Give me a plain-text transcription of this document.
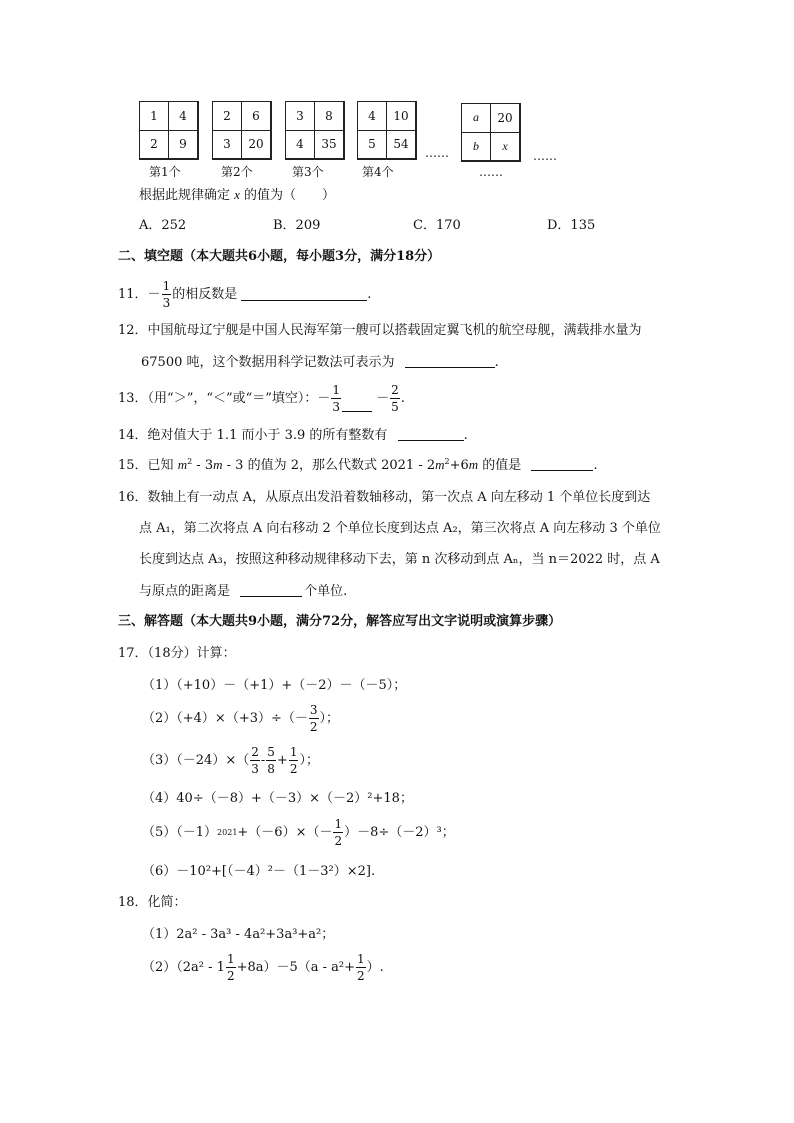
1	4
2	9
第1个
2	6
3	20
第2个
3	8
4	35
第3个
4	10
5	54
第4个
……
a	20
b x
……
……
根据此规律确定 x 的值为（　　）
A．252	B．209	C．170	D．135
二、填空题（本大题共6小题，每小题3分，满分18分）
11． － $\frac{1}{3}$ 的相反数是	.
12．中国航母辽宁舰是中国人民海军第一艘可以搭载固定翼飞机的航空母舰，满载排水量为
67500 吨，这个数据用科学记数法可表示为	.
13．（用“＞”，“＜”或“＝”填空）：－ $\frac{1}{3}$	－ $\frac{2}{5}$ .
14．绝对值大于 1.1 而小于 3.9 的所有整数有	.
15．已知 $m^2 - 3m - 3$ 的值为 2，那么代数式 $2021 - 2m^2+6m$ 的值是	.
16．数轴上有一动点 A，从原点出发沿着数轴移动，第一次点 A 向左移动 1 个单位长度到达
点 A₁，第二次将点 A 向右移动 2 个单位长度到达点 A₂，第三次将点 A 向左移动 3 个单位
长度到达点 A₃，按照这种移动规律移动下去，第 n 次移动到点 Aₙ，当 n＝2022 时，点 A
与原点的距离是	个单位.
三、解答题（本大题共9小题，满分72分，解答应写出文字说明或演算步骤）
17．（18分）计算：
（1）（+10）－（+1）+（－2）－（－5）；
$(2)(+4)\times(+3)\div(- \frac{3}{2}$ ）；
$(3)(-24)\times( \frac{2}{3} - \frac{5}{8} + \frac{1}{2}$ ）；
（4）40÷（－8）+（－3）×（－2）²+18；
（5）（－1） $2021 +(-6)\times(- \frac{1}{2} )-8\div(-2)^3$；
（6）－10²+[（－4）²－（1－3²）×2].
18．化简：
（1）2a² - 3a³ - 4a²+3a³+a²；
$(2)(2a^2 - 1 \frac{1}{2} +8a)-5(a - a^2+ \frac{1}{2}$ ）.
